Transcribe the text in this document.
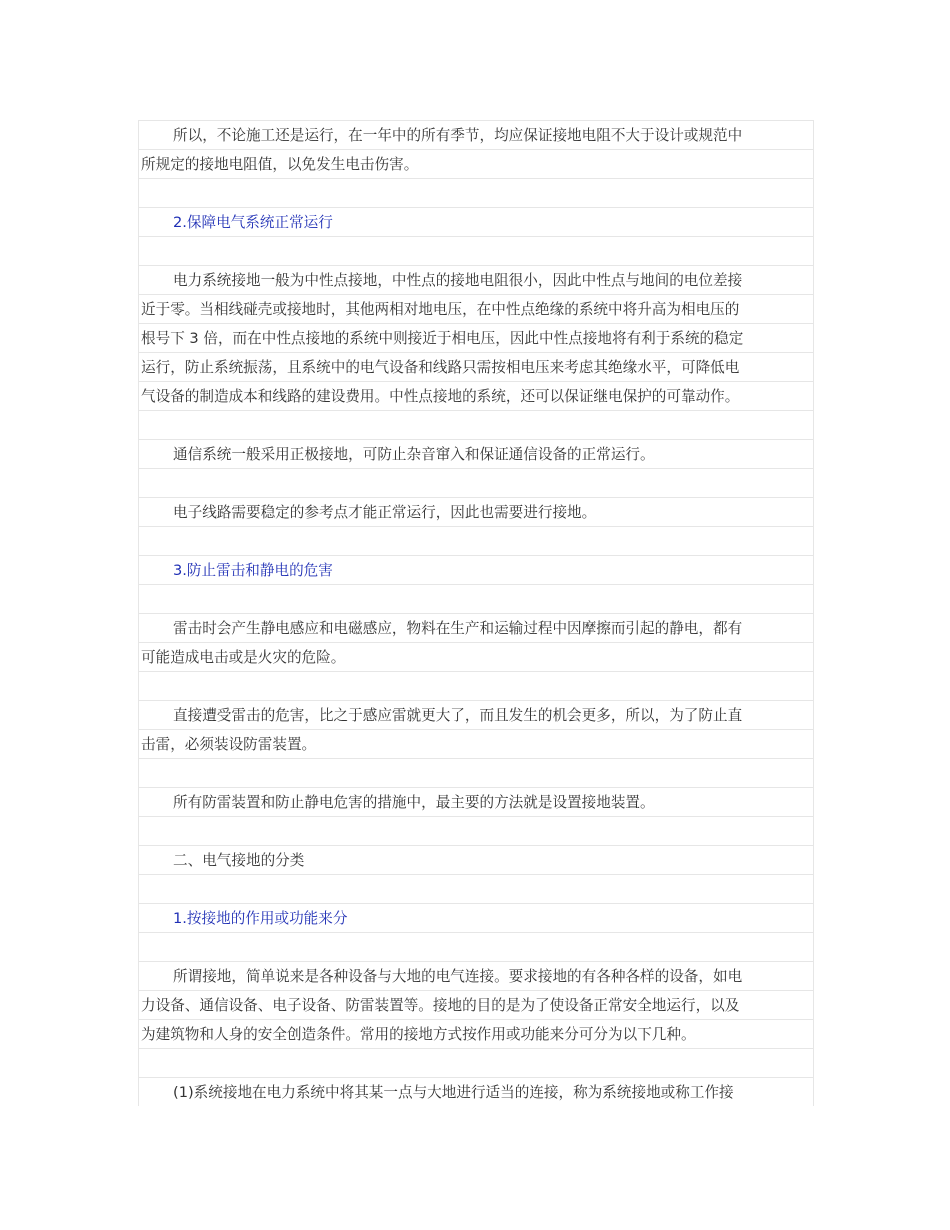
所以，不论施工还是运行，在一年中的所有季节，均应保证接地电阻不大于设计或规范中
所规定的接地电阻值，以免发生电击伤害。
2.保障电气系统正常运行
电力系统接地一般为中性点接地，中性点的接地电阻很小，因此中性点与地间的电位差接
近于零。当相线碰壳或接地时，其他两相对地电压，在中性点绝缘的系统中将升高为相电压的
根号下 3 倍，而在中性点接地的系统中则接近于相电压，因此中性点接地将有利于系统的稳定
运行，防止系统振荡，且系统中的电气设备和线路只需按相电压来考虑其绝缘水平，可降低电
气设备的制造成本和线路的建设费用。中性点接地的系统，还可以保证继电保护的可靠动作。
通信系统一般采用正极接地，可防止杂音窜入和保证通信设备的正常运行。
电子线路需要稳定的参考点才能正常运行，因此也需要进行接地。
3.防止雷击和静电的危害
雷击时会产生静电感应和电磁感应，物料在生产和运输过程中因摩擦而引起的静电，都有
可能造成电击或是火灾的危险。
直接遭受雷击的危害，比之于感应雷就更大了，而且发生的机会更多，所以，为了防止直
击雷，必须装设防雷装置。
所有防雷装置和防止静电危害的措施中，最主要的方法就是设置接地装置。
二、电气接地的分类
1.按接地的作用或功能来分
所谓接地，简单说来是各种设备与大地的电气连接。要求接地的有各种各样的设备，如电
力设备、通信设备、电子设备、防雷装置等。接地的目的是为了使设备正常安全地运行，以及
为建筑物和人身的安全创造条件。常用的接地方式按作用或功能来分可分为以下几种。
(1)系统接地在电力系统中将其某一点与大地进行适当的连接，称为系统接地或称工作接
